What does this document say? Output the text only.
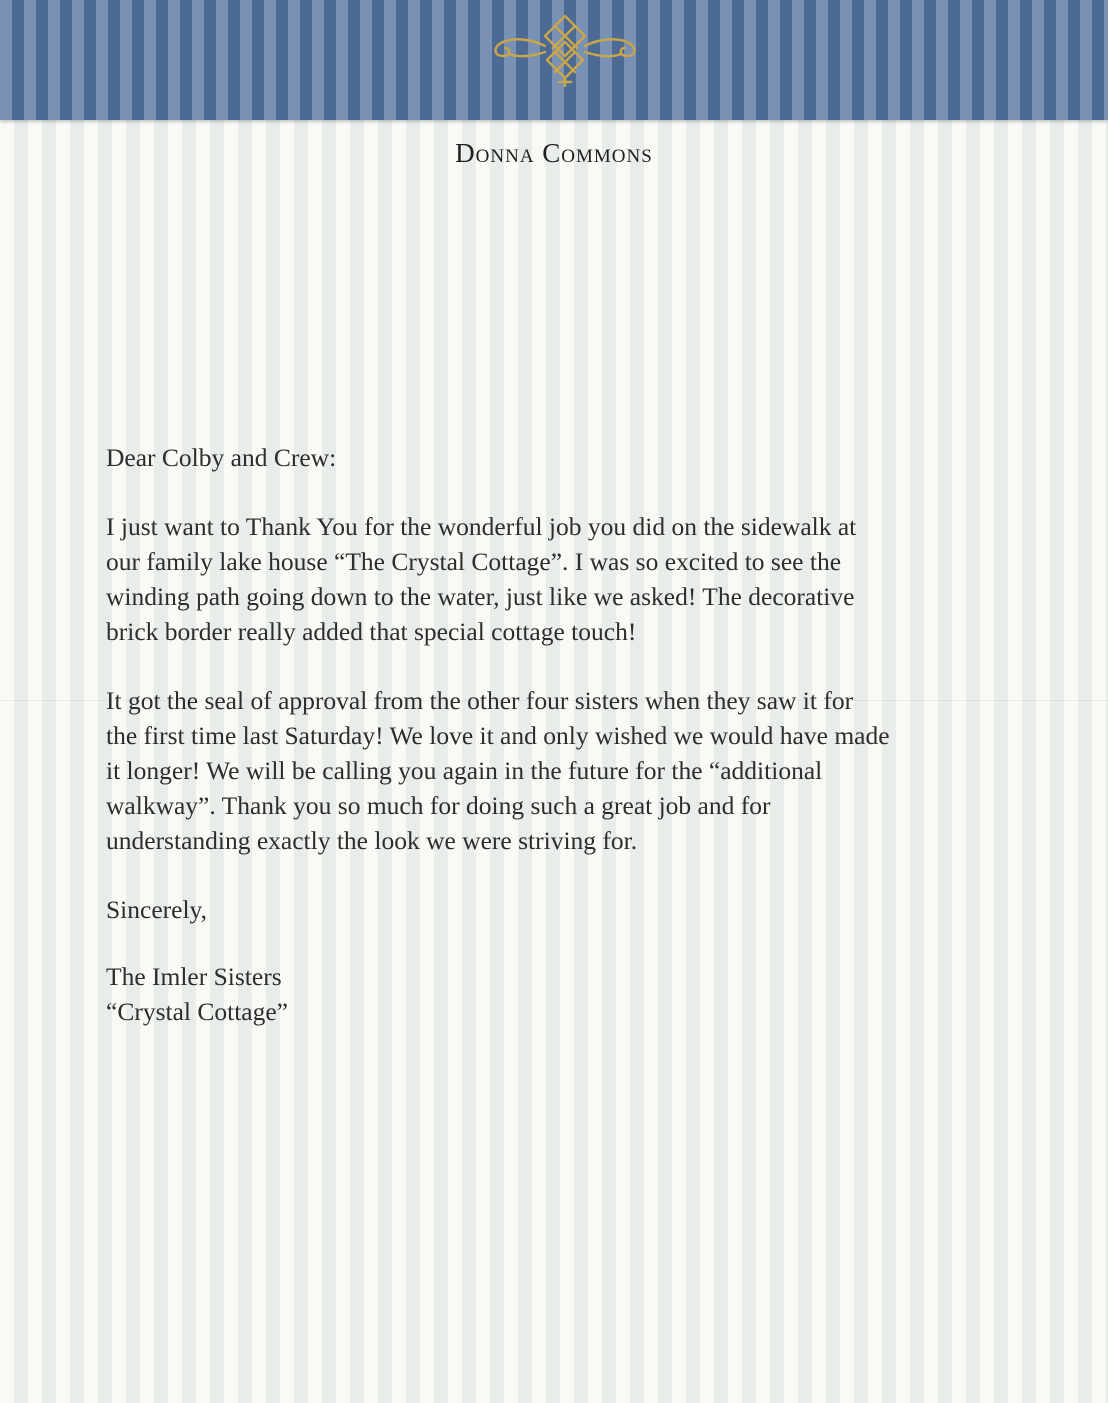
Donna Commons

Dear Colby and Crew:

I just want to Thank You for the wonderful job you did on the sidewalk at

our family lake house “The Crystal Cottage”. I was so excited to see the

winding path going down to the water, just like we asked! The decorative

brick border really added that special cottage touch!

It got the seal of approval from the other four sisters when they saw it for

the first time last Saturday! We love it and only wished we would have made

it longer! We will be calling you again in the future for the “additional

walkway”. Thank you so much for doing such a great job and for

understanding exactly the look we were striving for.

Sincerely,

The Imler Sisters

“Crystal Cottage”
